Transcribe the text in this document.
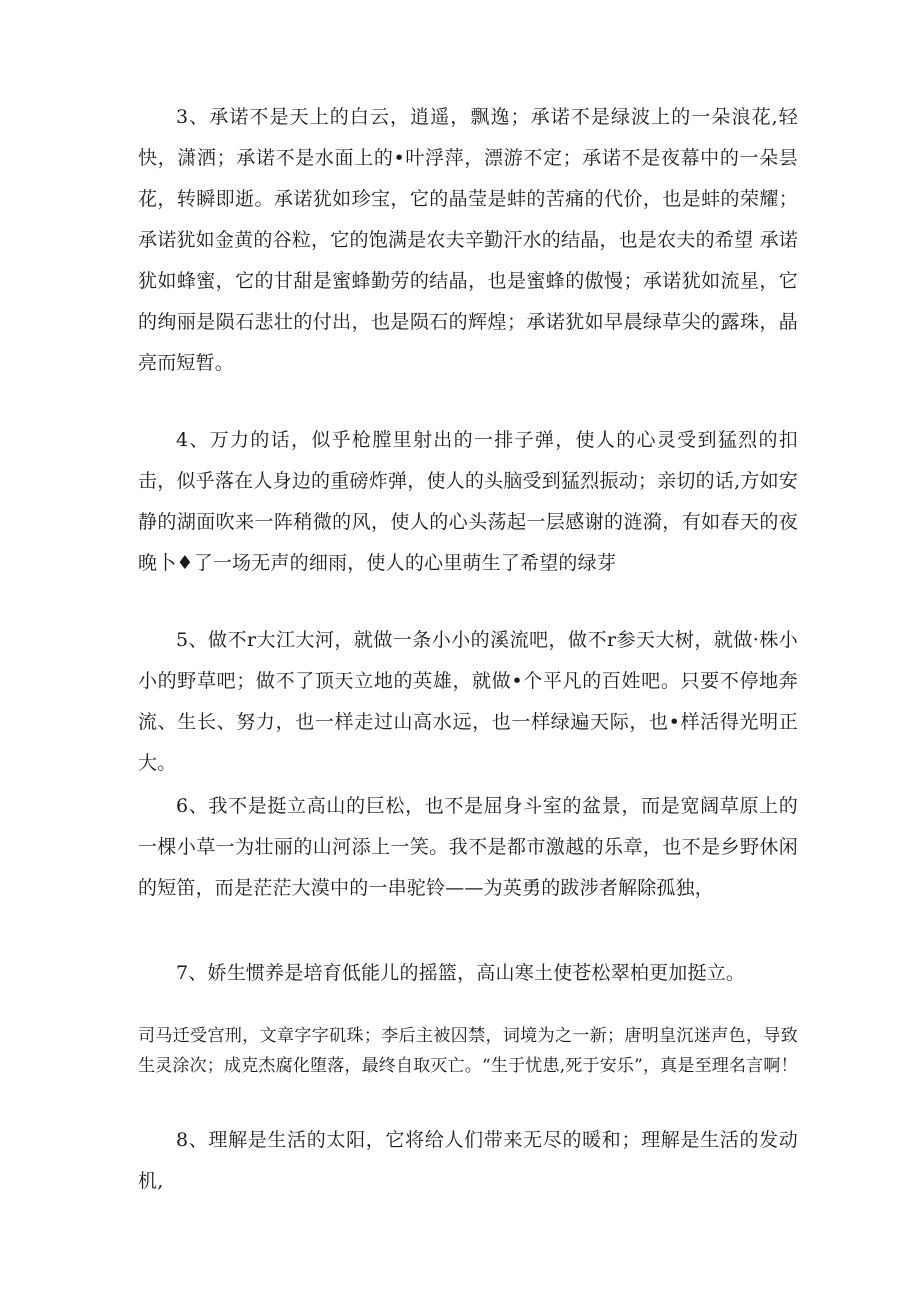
3、承诺不是天上的白云，逍遥，飘逸；承诺不是绿波上的一朵浪花,轻快，潇洒；承诺不是水面上的•叶浮萍，漂游不定；承诺不是夜幕中的一朵昙花，转瞬即逝。承诺犹如珍宝，它的晶莹是蚌的苦痛的代价，也是蚌的荣耀；承诺犹如金黄的谷粒，它的饱满是农夫辛勤汗水的结晶，也是农夫的希望 承诺犹如蜂蜜，它的甘甜是蜜蜂勤劳的结晶，也是蜜蜂的傲慢；承诺犹如流星，它的绚丽是陨石悲壮的付出，也是陨石的辉煌；承诺犹如早晨绿草尖的露珠，晶亮而短暂。

4、万力的话，似乎枪膛里射出的一排子弹，使人的心灵受到猛烈的扣击，似乎落在人身边的重磅炸弹，使人的头脑受到猛烈振动；亲切的话,方如安静的湖面吹来一阵稍微的风，使人的心头荡起一层感谢的涟漪，有如春天的夜晚卜♦了一场无声的细雨，使人的心里萌生了希望的绿芽

5、做不r大江大河，就做一条小小的溪流吧，做不r参天大树，就做·株小小的野草吧；做不了顶天立地的英雄，就做•个平凡的百姓吧。只要不停地奔流、生长、努力，也一样走过山高水远，也一样绿遍天际，也•样活得光明正大。

6、我不是挺立高山的巨松，也不是屈身斗室的盆景，而是宽阔草原上的一棵小草一为壮丽的山河添上一笑。我不是都市激越的乐章，也不是乡野休闲的短笛，而是茫茫大漠中的一串驼铃——为英勇的跋涉者解除孤独，

7、娇生惯养是培育低能儿的摇篮，高山寒土使苍松翠柏更加挺立。

司马迁受宫刑，文章字字矶珠；李后主被囚禁，词境为之一新；唐明皇沉迷声色，导致生灵涂次；成克杰腐化堕落，最终自取灭亡。“生于忧患,死于安乐”，真是至理名言啊！

8、理解是生活的太阳，它将给人们带来无尽的暖和；理解是生活的发动机,
